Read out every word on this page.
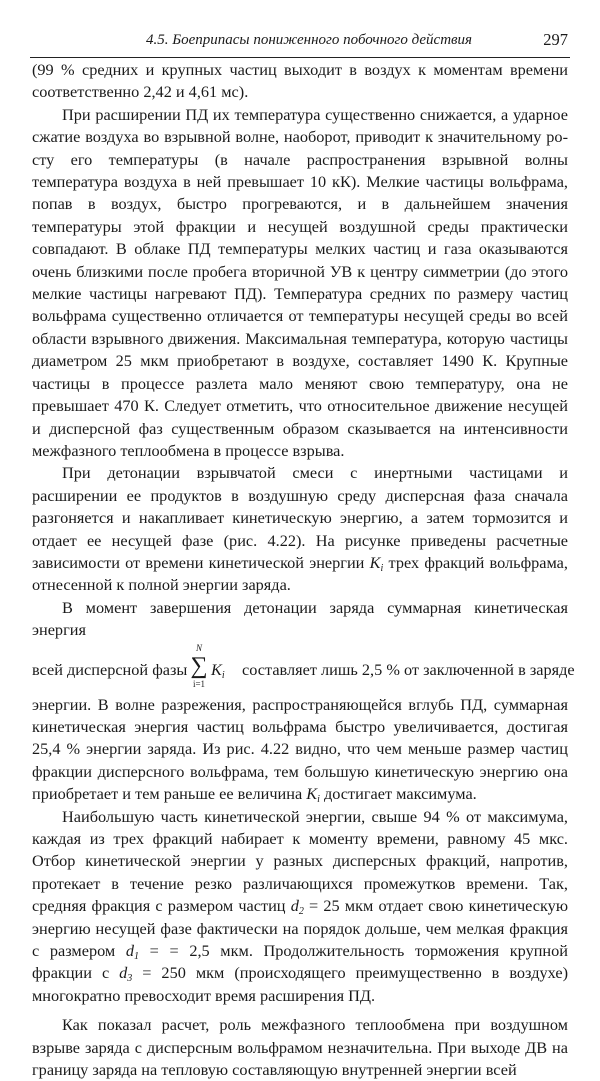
4.5. Боеприпасы пониженного побочного действия	297

(99 % средних и крупных частиц выходит в воздух к моментам времени соответственно 2,42 и 4,61 мс).

При расширении ПД их температура существенно снижается, а ударное сжатие воздуха во взрывной волне, наоборот, приводит к значительному росту его температуры (в начале распространения взрывной волны температура воздуха в ней превышает 10 кК). Мелкие частицы вольфрама, попав в воздух, быстро прогреваются, и в дальнейшем значения температуры этой фракции и несущей воздушной среды практически совпадают. В облаке ПД температуры мелких частиц и газа оказываются очень близкими после пробега вторичной УВ к центру симметрии (до этого мелкие частицы нагревают ПД). Температура средних по размеру частиц вольфрама существенно отличается от температуры несущей среды во всей области взрывного движения. Максимальная температура, которую частицы диаметром 25 мкм приобретают в воздухе, составляет 1490 К. Крупные частицы в процессе разлета мало меняют свою температуру, она не превышает 470 К. Следует отметить, что относительное движение несущей и дисперсной фаз существенным образом сказывается на интенсивности межфазного теплообмена в процессе взрыва.

При детонации взрывчатой смеси с инертными частицами и расширении ее продуктов в воздушную среду дисперсная фаза сначала разгоняется и накапливает кинетическую энергию, а затем тормозится и отдает ее несущей фазе (рис. 4.22). На рисунке приведены расчетные зависимости от времени кинетической энергии $K_i$ трех фракций вольфрама, отнесенной к полной энергии заряда.

В момент завершения детонации заряда суммарная кинетическая энергия

всей дисперсной фазы
N
∑
i=1
$K_i$ составляет лишь 2,5 % от заключенной в заряде

энергии. В волне разрежения, распространяющейся вглубь ПД, суммарная кинетическая энергия частиц вольфрама быстро увеличивается, достигая 25,4 % энергии заряда. Из рис. 4.22 видно, что чем меньше размер частиц фракции дисперсного вольфрама, тем большую кинетическую энергию она приобретает и тем раньше ее величина $K_i$ достигает максимума.

Наибольшую часть кинетической энергии, свыше 94 % от максимума, каждая из трех фракций набирает к моменту времени, равному 45 мкс. Отбор кинетической энергии у разных дисперсных фракций, напротив, протекает в течение резко различающихся промежутков времени. Так, средняя фракция с размером частиц $d_2 = 25$ мкм отдает свою кинетическую энергию несущей фазе фактически на порядок дольше, чем мелкая фракция с размером $d_1$ = = 2,5 мкм. Продолжительность торможения крупной фракции с $d_3 = 250$ мкм (происходящего преимущественно в воздухе) многократно превосходит время расширения ПД.

Как показал расчет, роль межфазного теплообмена при воздушном взрыве заряда с дисперсным вольфрамом незначительна. При выходе ДВ на границу заряда на тепловую составляющую внутренней энергии всей
